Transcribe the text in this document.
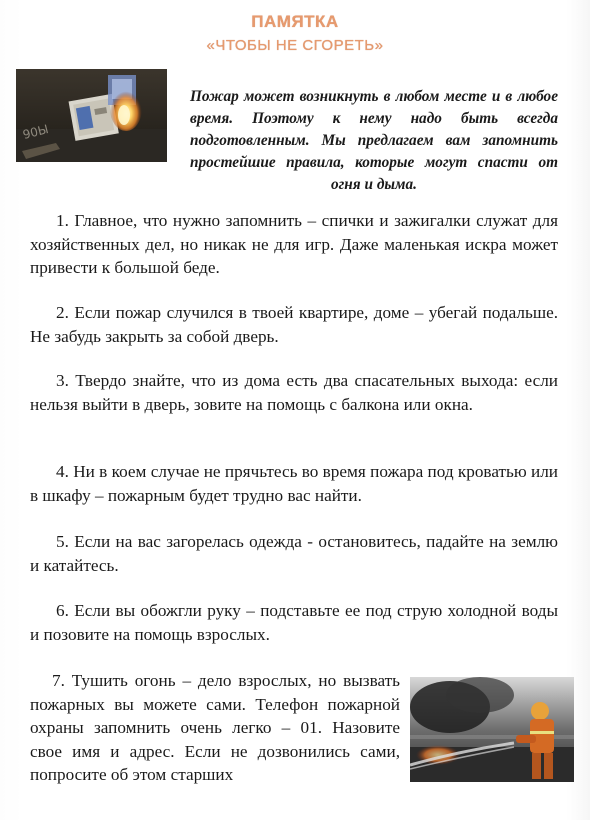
ПАМЯТКА
«ЧТОБЫ НЕ СГОРЕТЬ»
90Ы
Пожар может возникнуть в любом месте и в любое время. Поэтому к нему надо быть всегда подготовленным. Мы предлагаем вам запомнить простейшие правила, которые могут спасти от огня и дыма.

1. Главное, что нужно запомнить – спички и зажигалки служат для хозяйственных дел, но никак не для игр. Даже маленькая искра может привести к большой беде.

2. Если пожар случился в твоей квартире, доме – убегай подальше. Не забудь закрыть за собой дверь.

3. Твердо знайте, что из дома есть два спасательных выхода: если нельзя выйти в дверь, зовите на помощь с балкона или окна.

4. Ни в коем случае не прячьтесь во время пожара под кроватью или в шкафу – пожарным будет трудно вас найти.

5. Если на вас загорелась одежда - остановитесь, падайте на землю и катайтесь.

6. Если вы обожгли руку – подставьте ее под струю холодной воды и позовите на помощь взрослых.

7. Тушить огонь – дело взрослых, но вызвать пожарных вы можете сами. Телефон пожарной охраны запомнить очень легко – 01. Назовите свое имя и адрес. Если не дозвонились сами, попросите об этом старших
